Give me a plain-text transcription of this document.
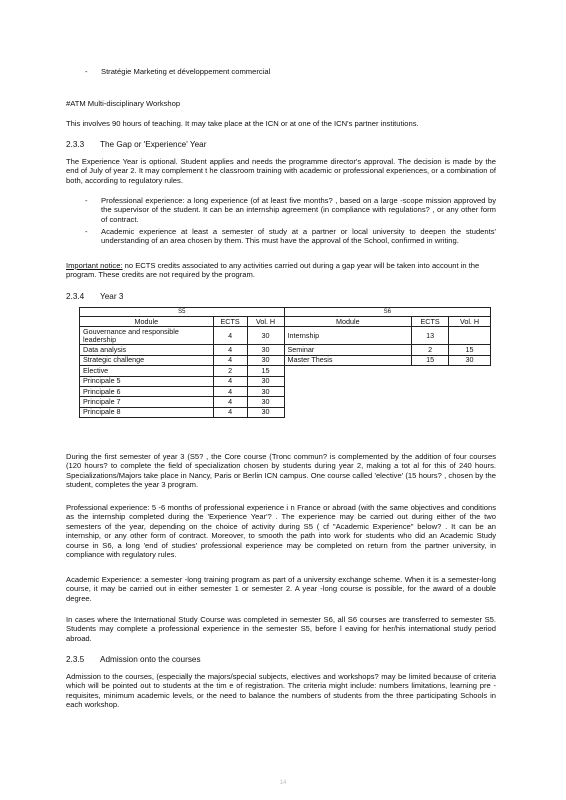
- Stratégie Marketing et développement commercial

#ATM Multi-disciplinary Workshop

This involves 90 hours of teaching. It may take place at the ICN or at one of the ICN's partner institutions.

2.3.3 The Gap or 'Experience' Year

The Experience Year is optional. Student applies and needs the programme director's approval. The decision is made by the end of July of year 2. It may complement t he classroom training with academic or professional experiences, or a combination of both, according to regulatory rules.

- Professional experience: a long experience (of at least five months? , based on a large -scope mission approved by the supervisor of the student. It can be an internship agreement (in compliance with regulations? , or any other form of contract.

- Academic experience at least a semester of study at a partner or local university to deepen the students' understanding of an area chosen by them. This must have the approval of the School, confirmed in writing.

Important notice: no ECTS credits associated to any activities carried out during a gap year will be taken into account in the program. These credits are not required by the program.

2.3.4 Year 3

S5			S6		
Module	ECTS	Vol. H	Module	ECTS	Vol. H
Gouvernance and responsible leadership	4	30	Internship	13	
Data analysis	4	30	Seminar	2	15
Strategic challenge	4	30	Master Thesis	15	30
Elective	2	15			
Principale 5	4	30			
Principale 6	4	30			
Principale 7	4	30			
Principale 8	4	30			

During the first semester of year 3 (S5? , the Core course (Tronc commun? is complemented by the addition of four courses (120 hours? to complete the field of specialization chosen by students during year 2, making a tot al for this of 240 hours. Specializations/Majors take place in Nancy, Paris or Berlin ICN campus. One course called 'elective' (15 hours? , chosen by the student, completes the year 3 program.

Professional experience: 5 -6 months of professional experience i n France or abroad (with the same objectives and conditions as the internship completed during the 'Experience Year'? . The experience may be carried out during either of the two semesters of the year, depending on the choice of activity during S5 ( cf "Academic Experience" below? . It can be an internship, or any other form of contract. Moreover, to smooth the path into work for students who did an Academic Study course in S6, a long 'end of studies' professional experience may be completed on return from the partner university, in compliance with regulatory rules.

Academic Experience: a semester -long training program as part of a university exchange scheme. When it is a semester-long course, it may be carried out in either semester 1 or semester 2. A year -long course is possible, for the award of a double degree.

In cases where the International Study Course was completed in semester S6, all S6 courses are transferred to semester S5. Students may complete a professional experience in the semester S5, before l eaving for her/his international study period abroad.

2.3.5 Admission onto the courses

Admission to the courses, (especially the majors/special subjects, electives and workshops? may be limited because of criteria which will be pointed out to students at the tim e of registration. The criteria might include: numbers limitations, learning pre -requisites, minimum academic levels, or the need to balance the numbers of students from the three participating Schools in each workshop.

14
